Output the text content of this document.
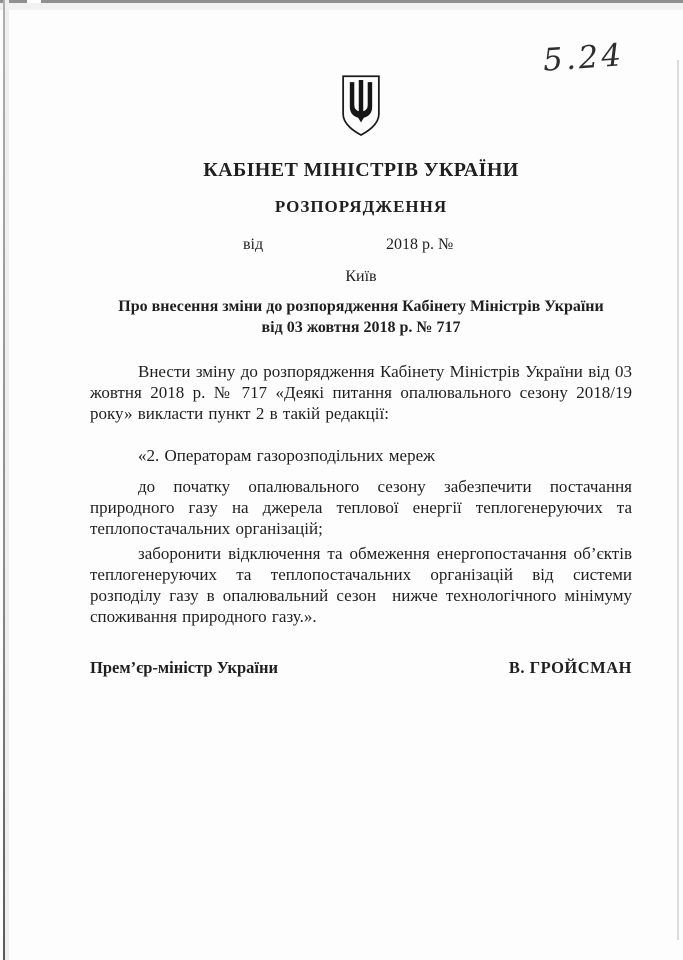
5.24
КАБІНЕТ МІНІСТРІВ УКРАЇНИ
РОЗПОРЯДЖЕННЯ
від	2018 р. №
Київ
Про внесення зміни до розпорядження Кабінету Міністрів України
від 03 жовтня 2018 р. № 717

Внести зміну до розпорядження Кабінету Міністрів України від 03 жовтня 2018 р. № 717 «Деякі питання опалювального сезону 2018/19 року» викласти пункт 2 в такій редакції:

«2. Операторам газорозподільних мереж

до початку опалювального сезону забезпечити постачання природного газу на джерела теплової енергії теплогенеруючих та теплопостачальних організацій;

заборонити відключення та обмеження енергопостачання об’єктів теплогенеруючих та теплопостачальних організацій від системи розподілу газу в опалювальний сезон  нижче технологічного мінімуму споживання природного газу.».

Прем’єр-міністр України	В. ГРОЙСМАН
